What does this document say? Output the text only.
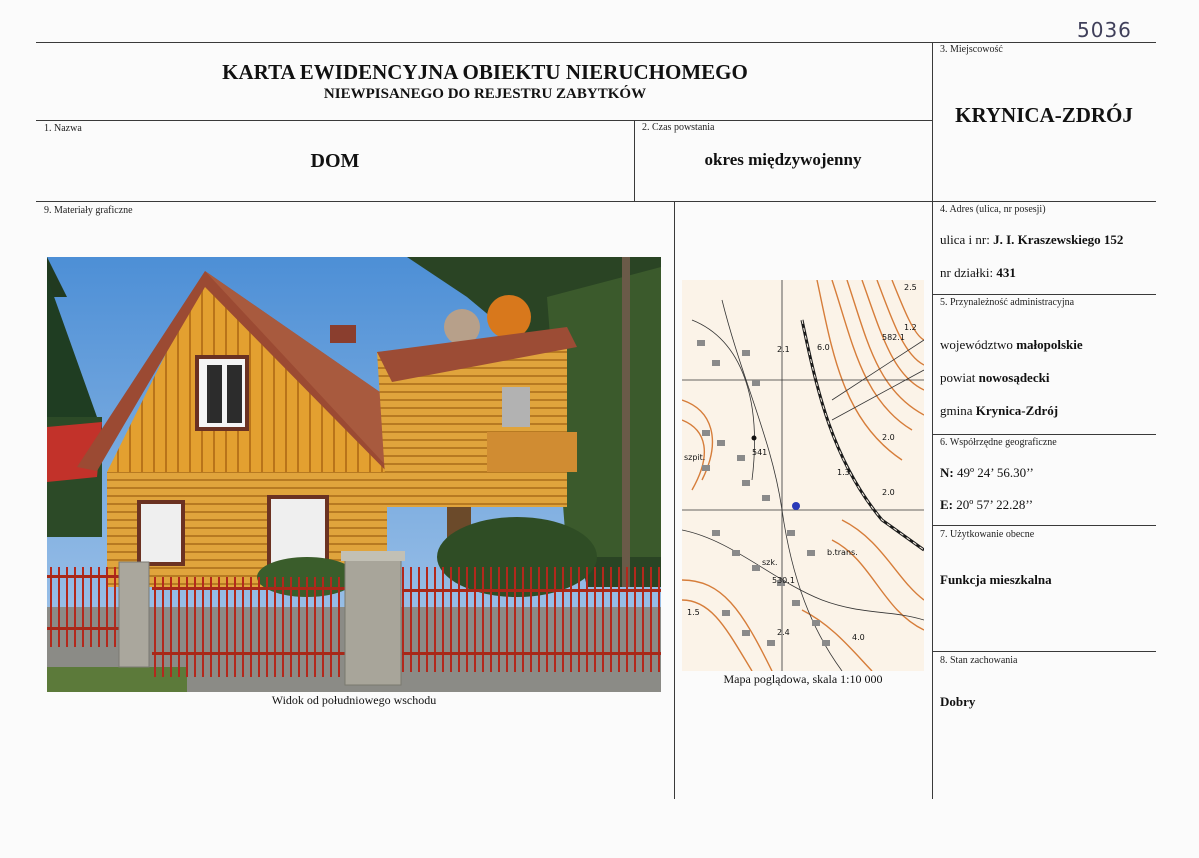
5036
KARTA EWIDENCYJNA OBIEKTU NIERUCHOMEGO
NIEWPISANEGO DO REJESTRU ZABYTKÓW
3. Miejscowość
KRYNICA-ZDRÓJ
1. Nazwa
DOM
2. Czas powstania
okres międzywojenny
9. Materiały graficzne
Widok od południowego wschodu
2.5
582.1
1.2
6.0
2.1
2.0
szpit.
541
1.3
2.0
b.trans.
szk.
530.1
1.5
2.4
4.0
Mapa poglądowa, skala 1:10 000
4. Adres (ulica, nr posesji)
ulica i nr: J. I. Kraszewskiego 152
nr działki: 431
5. Przynależność administracyjna
województwo małopolskie
powiat nowosądecki
gmina Krynica-Zdrój
6. Współrzędne geograficzne
N: 49º 24’ 56.30’’
E: 20º 57’ 22.28’’
7. Użytkowanie obecne
Funkcja mieszkalna
8. Stan zachowania
Dobry
